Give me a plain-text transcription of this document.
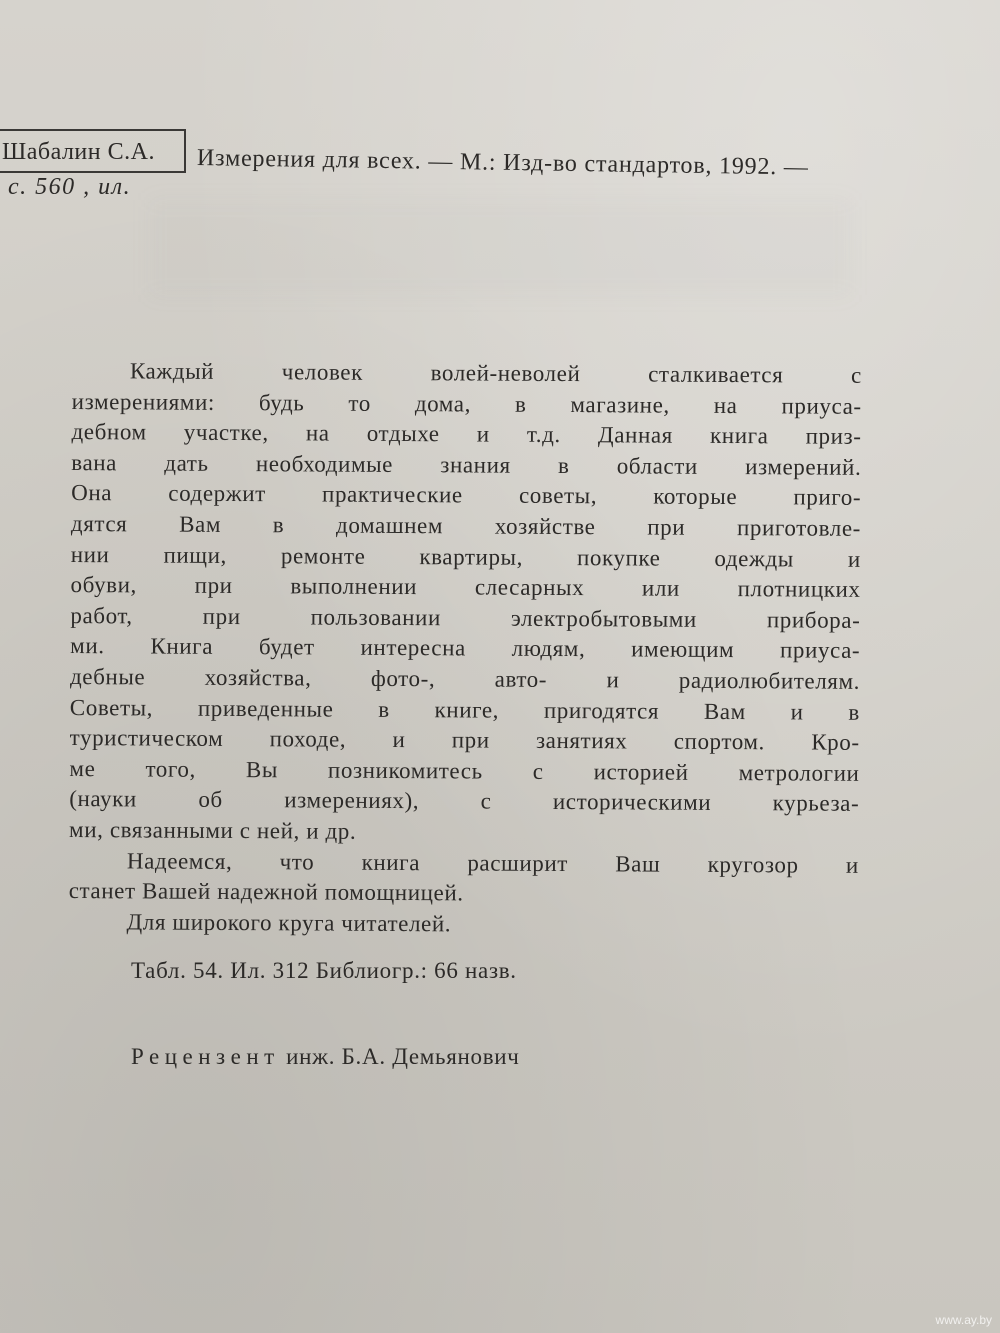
Шабалин С.А. Измерения для всех. — М.: Изд-во стандартов, 1992. —
с. 560 , ил.
Каждый человек волей-неволей сталкивается с
измерениями: будь то дома, в магазине, на приуса-
дебном участке, на отдыхе и т.д. Данная книга приз-
вана дать необходимые знания в области измерений.
Она содержит практические советы, которые приго-
дятся Вам в домашнем хозяйстве при приготовле-
нии пищи, ремонте квартиры, покупке одежды и
обуви, при выполнении слесарных или плотницких
работ, при пользовании электробытовыми прибора-
ми. Книга будет интересна людям, имеющим приуса-
дебные хозяйства, фото-, авто- и радиолюбителям.
Советы, приведенные в книге, пригодятся Вам и в
туристическом походе, и при занятиях спортом. Кро-
ме того, Вы позникомитесь с историей метрологии
(науки об измерениях), с историческими курьеза-
ми, связанными с ней, и др.
Надеемся, что книга расширит Ваш кругозор и
станет Вашей надежной помощницей.
Для широкого круга читателей.
Табл. 54. Ил. 312 Библиогр.: 66 назв.
Рецензент инж. Б.А. Демьянович
www.ay.by
